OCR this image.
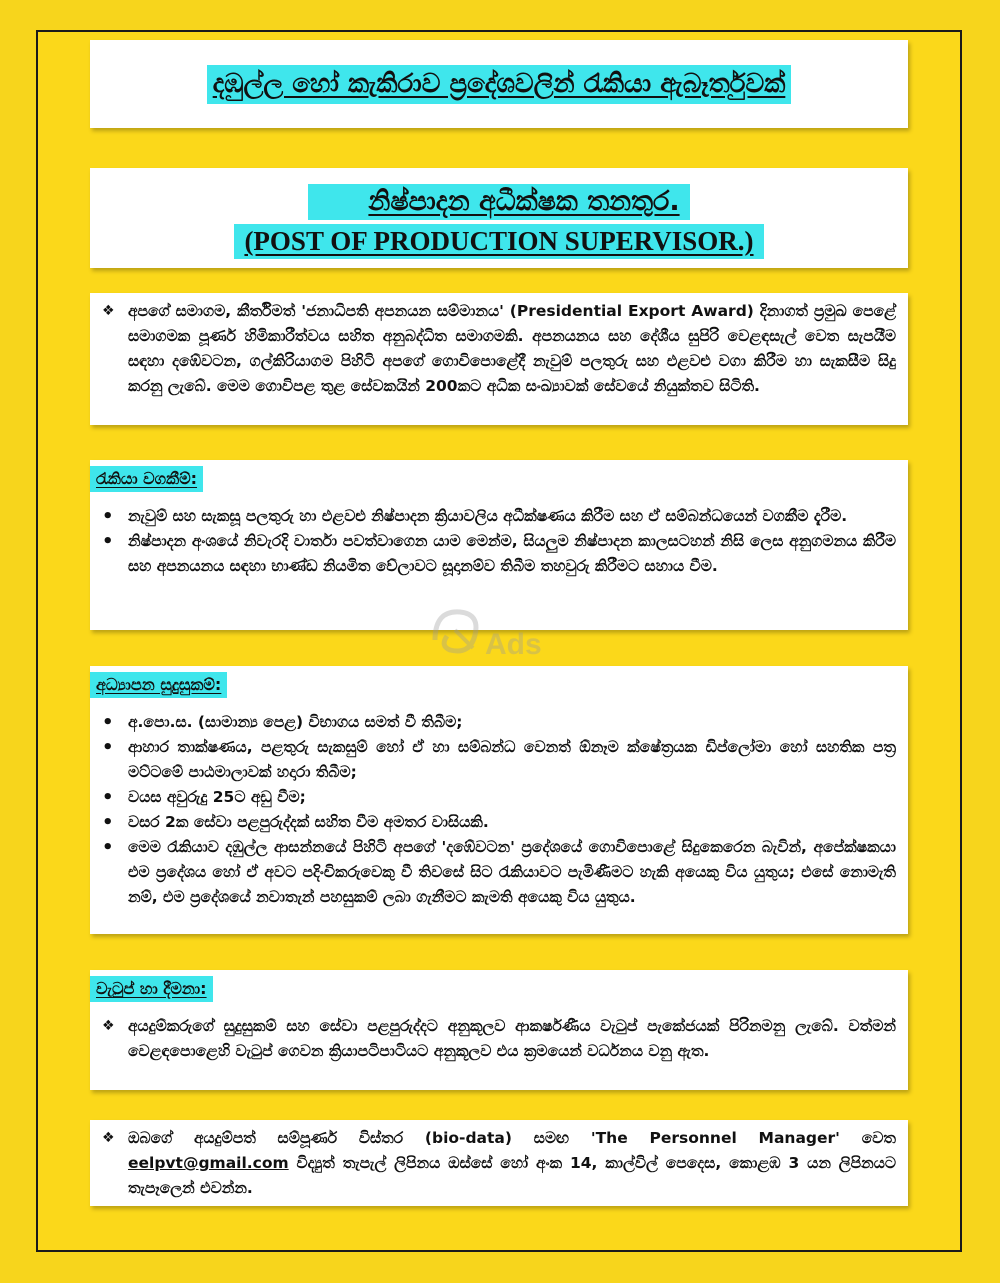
දඹුල්ල හෝ කැකිරාව ප්‍රදේශවලින් රැකියා ඇබෑර්තුවක්
නිෂ්පාදන අධීක්ෂක තනතුර.
(POST OF PRODUCTION SUPERVISOR.)
❖ අපගේ සමාගම, කීර්තිමත් 'ජනාධිපති අපනයන සම්මානය' (Presidential Export Award) දිනාගත් ප්‍රමුඛ පෙළේ සමාගමක පූර්ණ හිමිකාරීත්වය සහිත අනුබද්ධිත සමාගමකි. අපනයනය සහ දේශීය සුපිරි වෙළඳසැල් වෙත සැපයීම සඳහා දඹේවටන, ගල්කිරියාගම පිහිටි අපගේ ගොවිපොළේදී නැවුම් පලතුරු සහ එළවළු වගා කිරීම හා සැකසීම සිදු කරනු ලැබේ. මෙම ගොවිපළ තුළ සේවකයින් 200කට අධික සංඛ්‍යාවක් සේවයේ නියුක්තව සිටිති.
රැකියා වගකීම්:
• නැවුම් සහ සැකසූ පලතුරු හා එළවළු නිෂ්පාදන ක්‍රියාවලිය අධීක්ෂණය කිරීම සහ ඒ සම්බන්ධයෙන් වගකීම දැරීම.
• නිෂ්පාදන අංශයේ නිවැරදි වාර්තා පවත්වාගෙන යාම මෙන්ම, සියලුම නිෂ්පාදන කාලසටහන් නිසි ලෙස අනුගමනය කිරීම සහ අපනයනය සඳහා භාණ්ඩ නියමිත වේලාවට සූදානම්ව තිබීම තහවුරු කිරීමට සහාය වීම.
අධ්‍යාපන සුදුසුකම්:
• අ.පො.ස. (සාමාන්‍ය පෙළ) විභාගය සමත් වී තිබීම;
• ආහාර තාක්ෂණය, පළතුරු සැකසුම් හෝ ඒ හා සම්බන්ධ වෙනත් ඕනෑම ක්ෂේත්‍රයක ඩිප්ලෝමා හෝ සහතික පත්‍ර මට්ටමේ පාඨමාලාවක් හදාරා තිබීම;
• වයස අවුරුදු 25ට අඩු වීම;
• වසර 2ක සේවා පළපුරුද්දක් සහිත වීම අමතර වාසියකි.
• මෙම රැකියාව දඹුල්ල ආසන්නයේ පිහිටි අපගේ 'දඹේවටන' ප්‍රදේශයේ ගොවිපොළේ සිදුකෙරෙන බැවින්, අපේක්ෂකයා එම ප්‍රදේශය හෝ ඒ අවට පදිංචිකරුවෙකු වී තිවසේ සිට රැකියාවට පැමිණීමට හැකි අයෙකු විය යුතුය; එසේ නොමැති නම්, එම ප්‍රදේශයේ නවාතැන් පහසුකම් ලබා ගැනීමට කැමති අයෙකු විය යුතුය.
වැටුප් හා දීමනා:
❖ අයදුම්කරුගේ සුදුසුකම් සහ සේවා පළපුරුද්දට අනුකූලව ආකර්ෂණීය වැටුප් පැකේජයක් පිරිනමනු ලැබේ. වත්මන් වෙළඳපොළෙහි වැටුප් ගෙවන ක්‍රියාපටිපාටියට අනුකූලව එය ක්‍රමයෙන් වර්ධනය වනු ඇත.
❖ ඔබගේ අයදුම්පත් සම්පූර්ණ විස්තර (bio-data) සමඟ 'The Personnel Manager' වෙත eelpvt@gmail.com විද්‍යුත් තැපැල් ලිපිනය ඔස්සේ හෝ අංක 14, කාල්විල් පෙදෙස, කොළඹ 3 යන ලිපිනයට තැපෑලෙන් එවන්න.
Ads
